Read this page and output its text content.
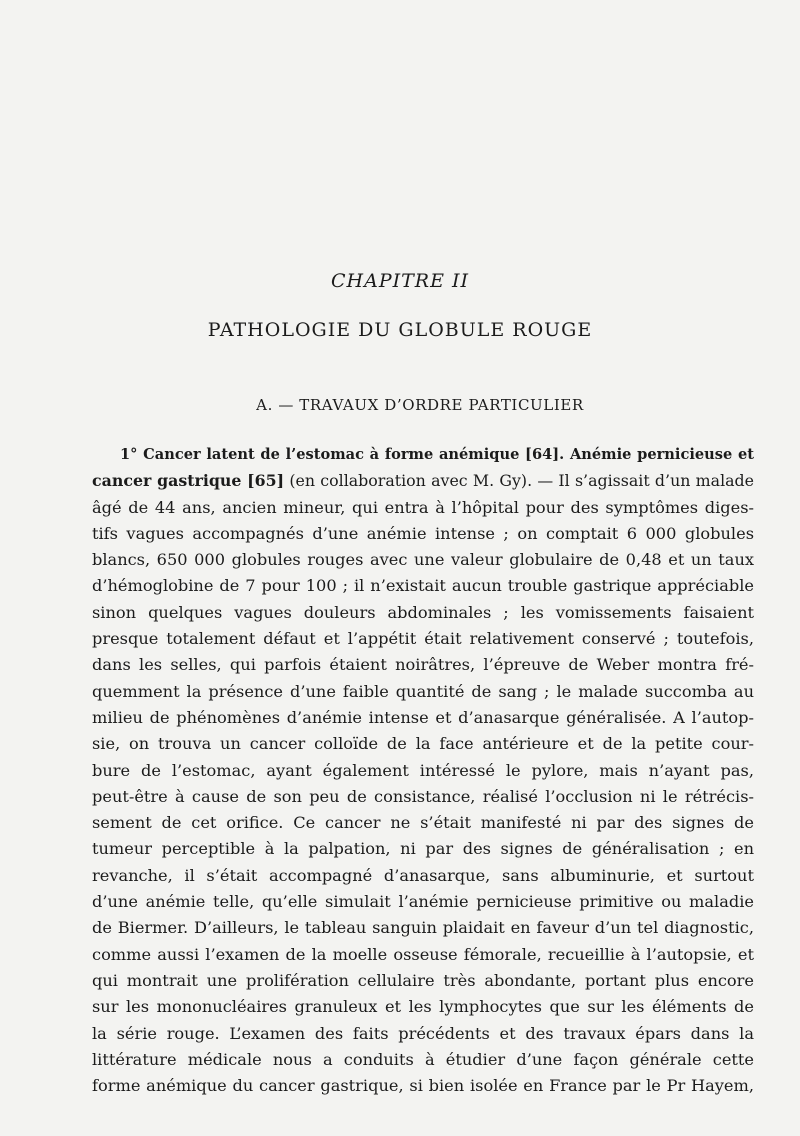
CHAPITRE II
PATHOLOGIE DU GLOBULE ROUGE
A. — TRAVAUX D’ORDRE PARTICULIER
1° Cancer latent de l’estomac à forme anémique [64]. Anémie pernicieuse et
cancer gastrique [65] (en collaboration avec M. Gy). — Il s’agissait d’un malade
âgé de 44 ans, ancien mineur, qui entra à l’hôpital pour des symptômes diges-
tifs vagues accompagnés d’une anémie intense ; on comptait 6 000 globules
blancs, 650 000 globules rouges avec une valeur globulaire de 0,48 et un taux
d’hémoglobine de 7 pour 100 ; il n’existait aucun trouble gastrique appréciable
sinon quelques vagues douleurs abdominales ; les vomissements faisaient
presque totalement défaut et l’appétit était relativement conservé ; toutefois,
dans les selles, qui parfois étaient noirâtres, l’épreuve de Weber montra fré-
quemment la présence d’une faible quantité de sang ; le malade succomba au
milieu de phénomènes d’anémie intense et d’anasarque généralisée. A l’autop-
sie, on trouva un cancer colloïde de la face antérieure et de la petite cour-
bure de l’estomac, ayant également intéressé le pylore, mais n’ayant pas,
peut-être à cause de son peu de consistance, réalisé l’occlusion ni le rétrécis-
sement de cet orifice. Ce cancer ne s’était manifesté ni par des signes de
tumeur perceptible à la palpation, ni par des signes de généralisation ; en
revanche, il s’était accompagné d’anasarque, sans albuminurie, et surtout
d’une anémie telle, qu’elle simulait l’anémie pernicieuse primitive ou maladie
de Biermer. D’ailleurs, le tableau sanguin plaidait en faveur d’un tel diagnostic,
comme aussi l’examen de la moelle osseuse fémorale, recueillie à l’autopsie, et
qui montrait une prolifération cellulaire très abondante, portant plus encore
sur les mononucléaires granuleux et les lymphocytes que sur les éléments de
la série rouge. L’examen des faits précédents et des travaux épars dans la
littérature médicale nous a conduits à étudier d’une façon générale cette
forme anémique du cancer gastrique, si bien isolée en France par le Pr Hayem,
